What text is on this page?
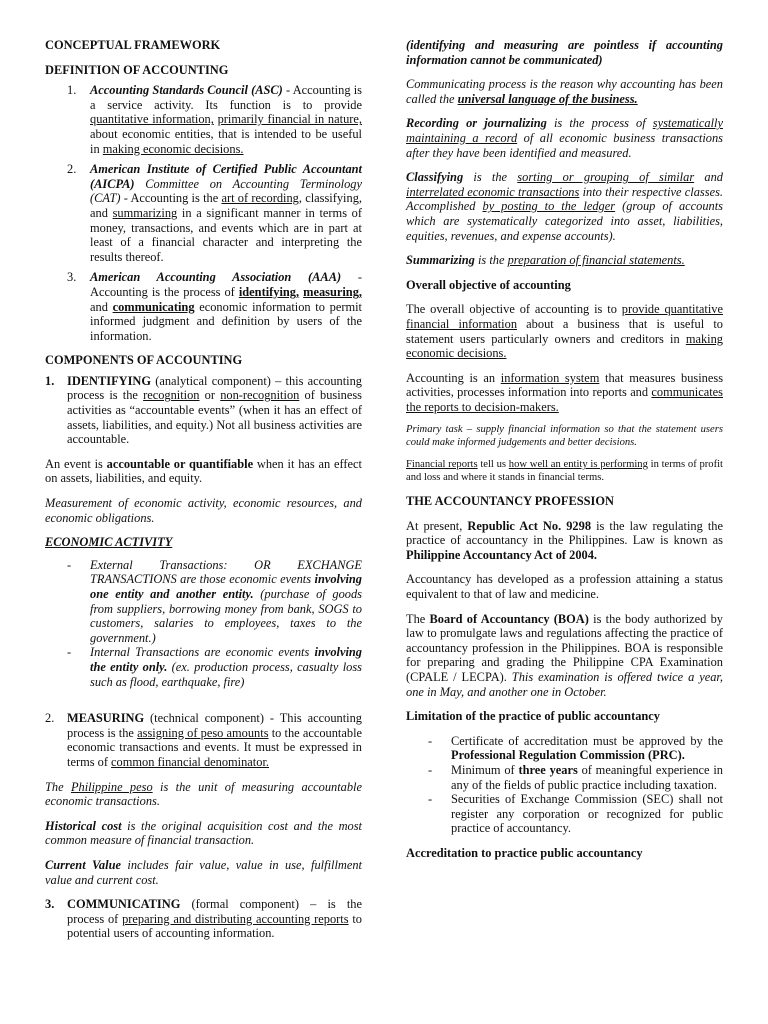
CONCEPTUAL FRAMEWORK

DEFINITION OF ACCOUNTING

1. Accounting Standards Council (ASC) - Accounting is a service activity. Its function is to provide quantitative information, primarily financial in nature, about economic entities, that is intended to be useful in making economic decisions.
2. American Institute of Certified Public Accountant (AICPA) Committee on Accounting Terminology (CAT) - Accounting is the art of recording, classifying, and summarizing in a significant manner in terms of money, transactions, and events which are in part at least of a financial character and interpreting the results thereof.
3. American Accounting Association (AAA) - Accounting is the process of identifying, measuring, and communicating economic information to permit informed judgment and definition by users of the information.

COMPONENTS OF ACCOUNTING

1. IDENTIFYING (analytical component) – this accounting process is the recognition or non-recognition of business activities as “accountable events” (when it has an effect of assets, liabilities, and equity.) Not all business activities are accountable.

An event is accountable or quantifiable when it has an effect on assets, liabilities, and equity.

Measurement of economic activity, economic resources, and economic obligations.

ECONOMIC ACTIVITY

- External Transactions: OR EXCHANGE TRANSACTIONS are those economic events involving one entity and another entity. (purchase of goods from suppliers, borrowing money from bank, SOGS to customers, salaries to employees, taxes to the government.)
- Internal Transactions are economic events involving the entity only. (ex. production process, casualty loss such as flood, earthquake, fire)
2. MEASURING (technical component) - This accounting process is the assigning of peso amounts to the accountable economic transactions and events. It must be expressed in terms of common financial denominator.

The Philippine peso is the unit of measuring accountable economic transactions.

Historical cost is the original acquisition cost and the most common measure of financial transaction.

Current Value includes fair value, value in use, fulfillment value and current cost.

3. COMMUNICATING (formal component) – is the process of preparing and distributing accounting reports to potential users of accounting information.

(identifying and measuring are pointless if accounting information cannot be communicated)

Communicating process is the reason why accounting has been called the universal language of the business.

Recording or journalizing is the process of systematically maintaining a record of all economic business transactions after they have been identified and measured.

Classifying is the sorting or grouping of similar and interrelated economic transactions into their respective classes. Accomplished by posting to the ledger (group of accounts which are systematically categorized into asset, liabilities, equities, revenues, and expense accounts).

Summarizing is the preparation of financial statements.

Overall objective of accounting

The overall objective of accounting is to provide quantitative financial information about a business that is useful to statement users particularly owners and creditors in making economic decisions.

Accounting is an information system that measures business activities, processes information into reports and communicates the reports to decision-makers.

Primary task – supply financial information so that the statement users could make informed judgements and better decisions.

Financial reports tell us how well an entity is performing in terms of profit and loss and where it stands in financial terms.

THE ACCOUNTANCY PROFESSION

At present, Republic Act No. 9298 is the law regulating the practice of accountancy in the Philippines. Law is known as Philippine Accountancy Act of 2004.

Accountancy has developed as a profession attaining a status equivalent to that of law and medicine.

The Board of Accountancy (BOA) is the body authorized by law to promulgate laws and regulations affecting the practice of accountancy profession in the Philippines. BOA is responsible for preparing and grading the Philippine CPA Examination (CPALE / LECPA). This examination is offered twice a year, one in May, and another one in October.

Limitation of the practice of public accountancy

- Certificate of accreditation must be approved by the Professional Regulation Commission (PRC).
- Minimum of three years of meaningful experience in any of the fields of public practice including taxation.
- Securities of Exchange Commission (SEC) shall not register any corporation or recognized for public practice of accountancy.

Accreditation to practice public accountancy
